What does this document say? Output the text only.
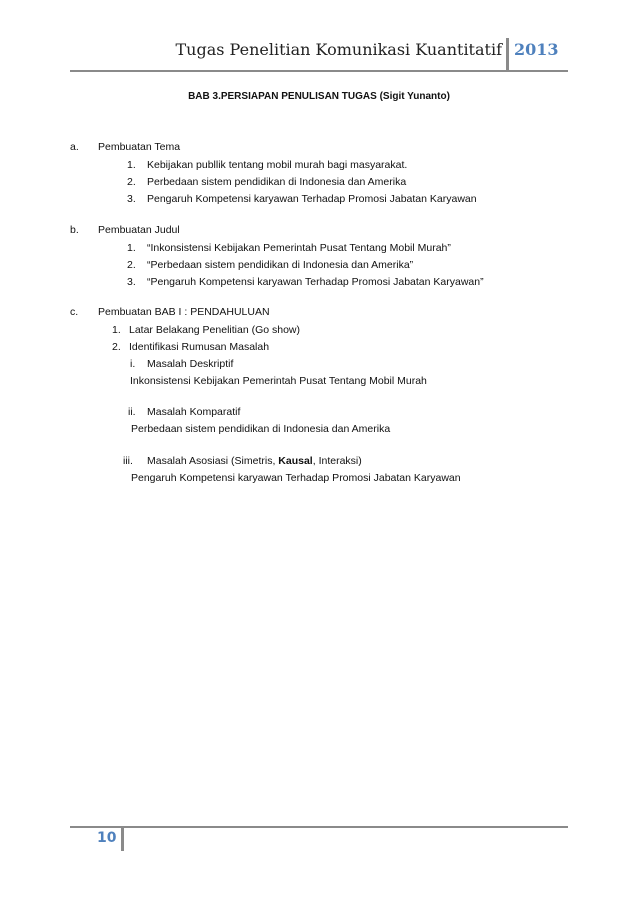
Tugas Penelitian Komunikasi Kuantitatif 2013
BAB 3.PERSIAPAN PENULISAN TUGAS (Sigit Yunanto)
a. Pembuatan Tema
1. Kebijakan publlik tentang mobil murah bagi masyarakat.
2. Perbedaan sistem pendidikan di Indonesia dan Amerika
3. Pengaruh Kompetensi karyawan Terhadap Promosi Jabatan Karyawan
b. Pembuatan Judul
1. “Inkonsistensi Kebijakan Pemerintah Pusat Tentang Mobil Murah”
2. “Perbedaan sistem pendidikan di Indonesia dan Amerika”
3. “Pengaruh Kompetensi karyawan Terhadap Promosi Jabatan Karyawan”
c. Pembuatan BAB I : PENDAHULUAN
1. Latar Belakang Penelitian (Go show)
2. Identifikasi Rumusan Masalah
i. Masalah Deskriptif
Inkonsistensi Kebijakan Pemerintah Pusat Tentang Mobil Murah
ii. Masalah Komparatif
Perbedaan sistem pendidikan di Indonesia dan Amerika
iii. Masalah Asosiasi (Simetris, Kausal, Interaksi)
Pengaruh Kompetensi karyawan Terhadap Promosi Jabatan Karyawan
10
